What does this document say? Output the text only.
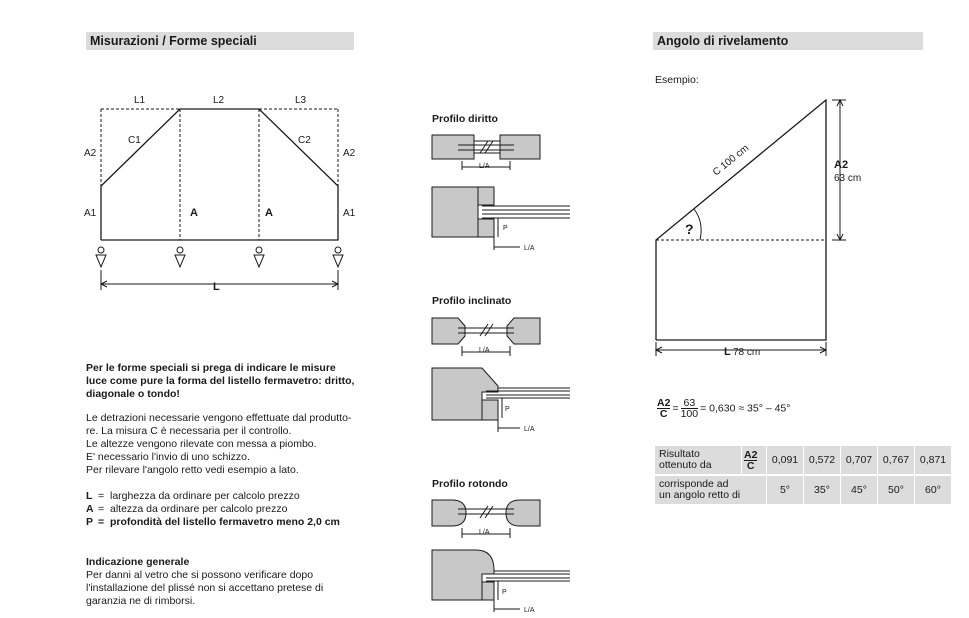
Misurazioni / Forme speciali	Angolo di rivelamento
L1	L2	L3
C1	C2
A2	A2
A1	A1
A	A
L
Per le forme speciali si prega di indicare le misure
luce come pure la forma del listello fermavetro: dritto,
diagonale o tondo!
Le detrazioni necessarie vengono effettuate dal produtto-
re. La misura C è necessaria per il controllo.
Le altezze vengono rilevate con messa a piombo.
E' necessario l'invio di uno schizzo.
Per rilevare l'angolo retto vedi esempio a lato.
L = larghezza da ordinare per calcolo prezzo
A = altezza da ordinare per calcolo prezzo
P = profondità del listello fermavetro meno 2,0 cm
Indicazione generale
Per danni al vetro che si possono verificare dopo
l'installazione del plissé non si accettano pretese di
garanzia ne di rimborsi.
Profilo diritto
Profilo inclinato
Profilo rotondo
L/A
L/A
P
L/A
L/A
P
L/A
L/A
P
Esempio:
C 100 cm	A2
63 cm
?
L 78 cm
$\frac{A2}{C} = \frac{63}{100} = 0,630 \approx 35^\circ - 45^\circ$
Risultato
ottenuto da	$\frac{A2}{C}$	0,091	0,572	0,707	0,767	0,871
corrisponde ad
un angolo retto di		5°	35°	45°	50°	60°
